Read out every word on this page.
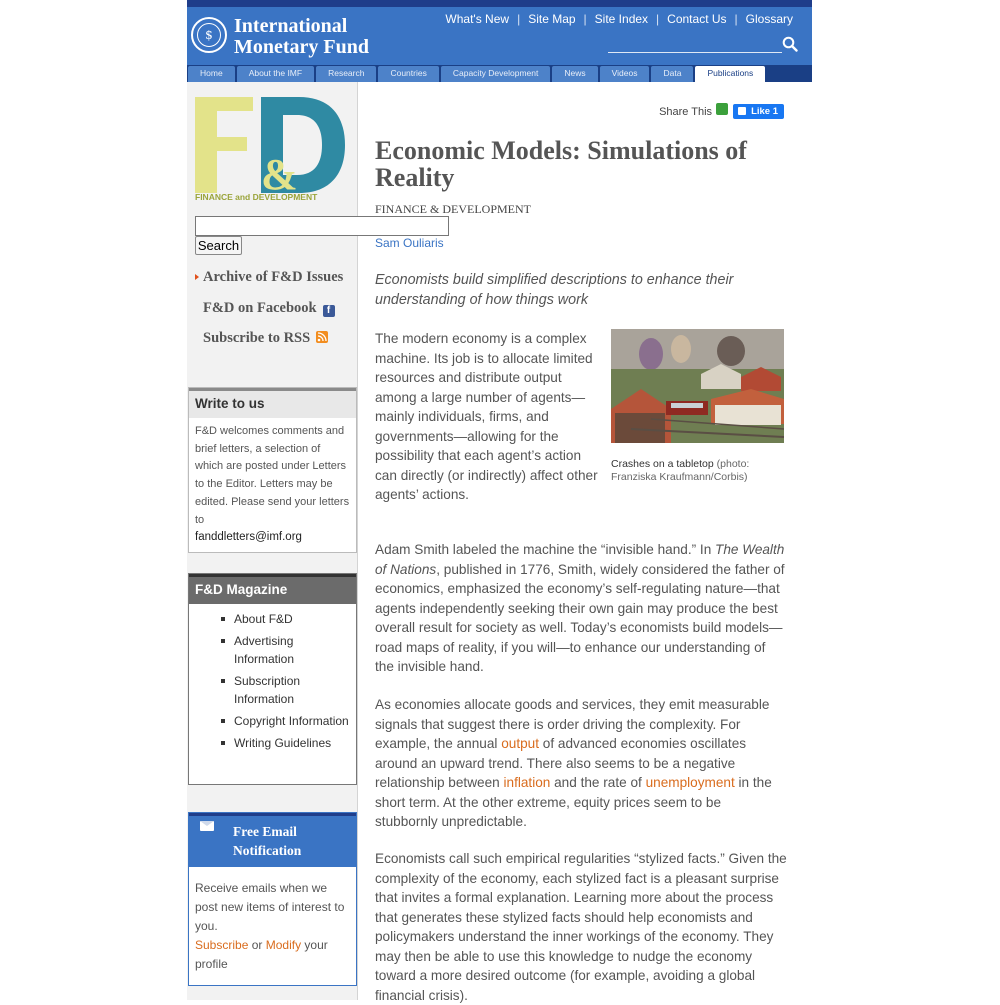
$	International
Monetary Fund
What's New | Site Map | Site Index | Contact Us | Glossary
Home	About the IMF	Research	Countries	Capacity Development	News	Videos	Data	Publications
&
FINANCE and DEVELOPMENT
Search
Archive of F&D Issues
F&D on Facebook f
Subscribe to RSS
Write to us

F&D welcomes comments and brief letters, a selection of which are posted under Letters to the Editor. Letters may be edited. Please send your letters to
fanddletters@imf.org

F&D Magazine
About F&D
Advertising Information
Subscription Information
Copyright Information
Writing Guidelines
Free Email
Notification

Receive emails when we post new items of interest to you.
Subscribe or Modify your profile

Share This	Like 1
Economic Models: Simulations of Reality
FINANCE & DEVELOPMENT
Sam Ouliaris
Economists build simplified descriptions to enhance their understanding of how things work
The modern economy is a complex machine. Its job is to allocate limited resources and distribute output among a large number of agents—mainly individuals, firms, and governments—allowing for the possibility that each agent’s action can directly (or indirectly) affect other agents’ actions.
Crashes on a tabletop (photo: Franziska Kraufmann/Corbis)
Adam Smith labeled the machine the “invisible hand.” In The Wealth of Nations, published in 1776, Smith, widely considered the father of economics, emphasized the economy’s self-regulating nature—that agents independently seeking their own gain may produce the best overall result for society as well. Today’s economists build models—road maps of reality, if you will—to enhance our understanding of the invisible hand.
As economies allocate goods and services, they emit measurable signals that suggest there is order driving the complexity. For example, the annual output of advanced economies oscillates around an upward trend. There also seems to be a negative relationship between inflation and the rate of unemployment in the short term. At the other extreme, equity prices seem to be stubbornly unpredictable.
Economists call such empirical regularities “stylized facts.” Given the complexity of the economy, each stylized fact is a pleasant surprise that invites a formal explanation. Learning more about the process that generates these stylized facts should help economists and policymakers understand the inner workings of the economy. They may then be able to use this knowledge to nudge the economy toward a more desired outcome (for example, avoiding a global financial crisis).
